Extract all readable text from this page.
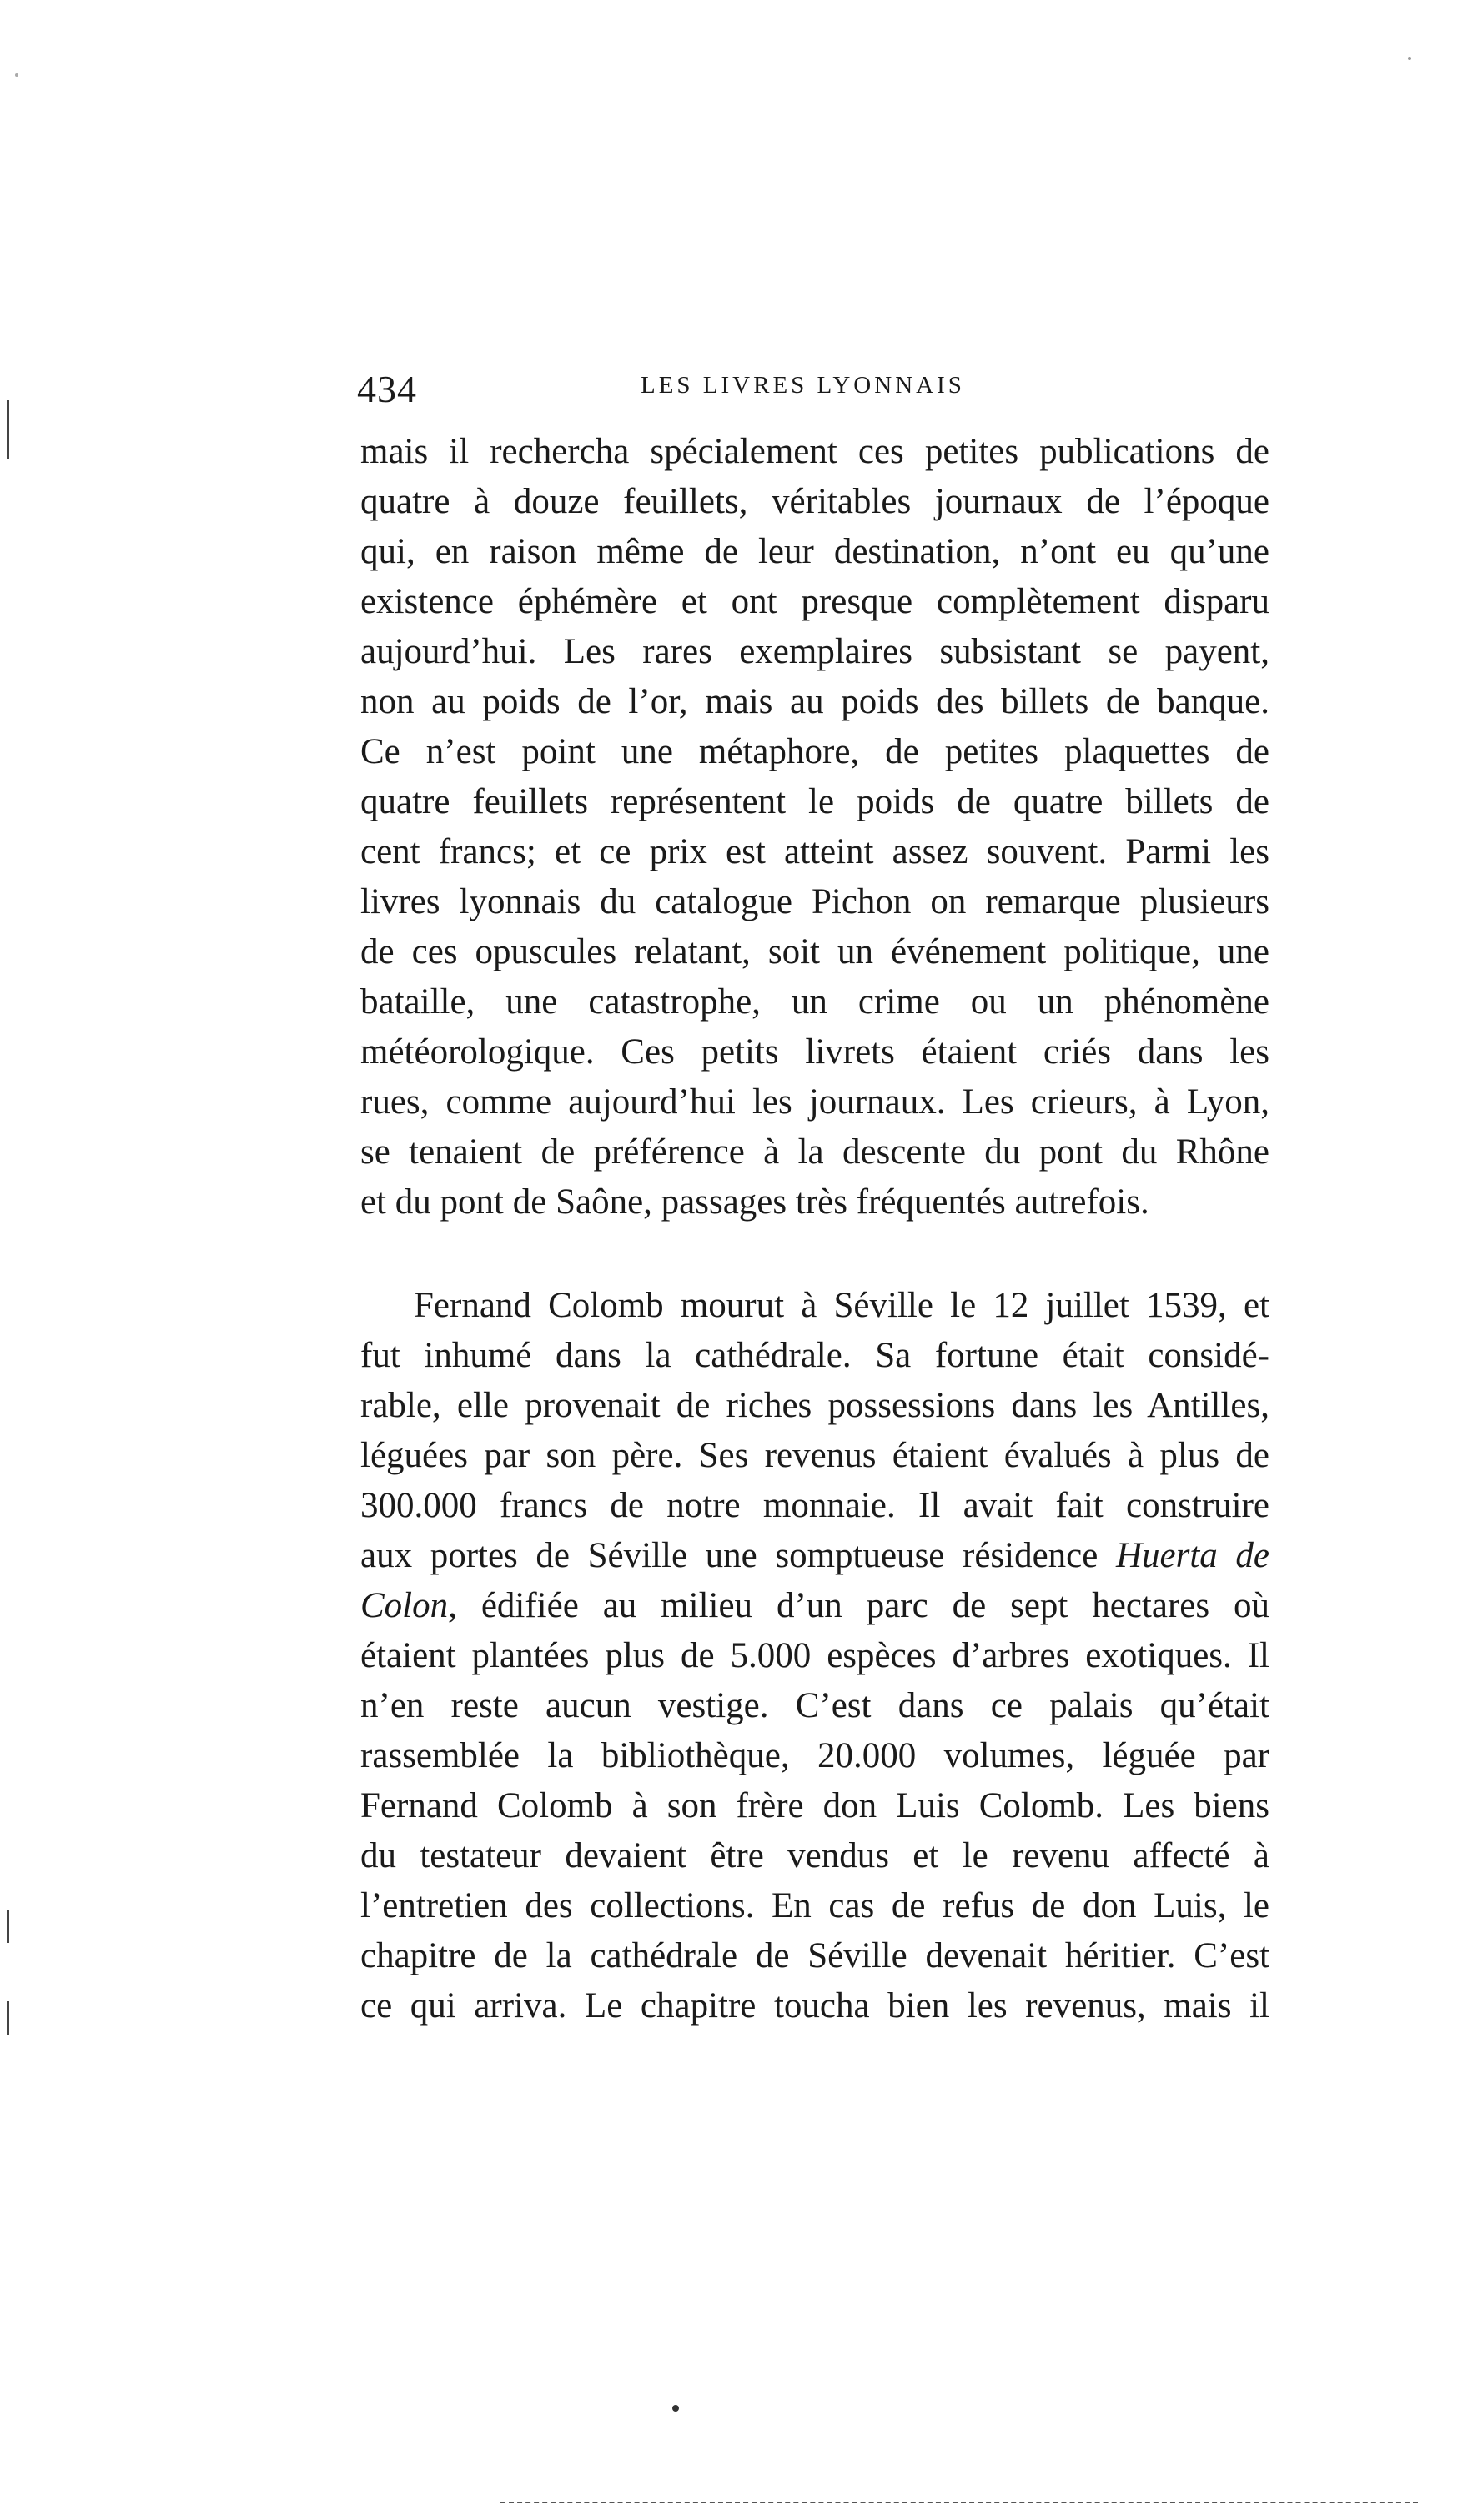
434	LES LIVRES LYONNAIS
mais il rechercha spécialement ces petites publications de
quatre à douze feuillets, véritables journaux de l’époque
qui, en raison même de leur destination, n’ont eu qu’une
existence éphémère et ont presque complètement disparu
aujourd’hui. Les rares exemplaires subsistant se payent,
non au poids de l’or, mais au poids des billets de banque.
Ce n’est point une métaphore, de petites plaquettes de
quatre feuillets représentent le poids de quatre billets de
cent francs; et ce prix est atteint assez souvent. Parmi les
livres lyonnais du catalogue Pichon on remarque plusieurs
de ces opuscules relatant, soit un événement politique, une
bataille, une catastrophe, un crime ou un phénomène
météorologique. Ces petits livrets étaient criés dans les
rues, comme aujourd’hui les journaux. Les crieurs, à Lyon,
se tenaient de préférence à la descente du pont du Rhône
et du pont de Saône, passages très fréquentés autrefois.
Fernand Colomb mourut à Séville le 12 juillet 1539, et
fut inhumé dans la cathédrale. Sa fortune était considé-
rable, elle provenait de riches possessions dans les Antilles,
léguées par son père. Ses revenus étaient évalués à plus de
300.000 francs de notre monnaie. Il avait fait construire
aux portes de Séville une somptueuse résidence Huerta de
Colon, édifiée au milieu d’un parc de sept hectares où
étaient plantées plus de 5.000 espèces d’arbres exotiques. Il
n’en reste aucun vestige. C’est dans ce palais qu’était
rassemblée la bibliothèque, 20.000 volumes, léguée par
Fernand Colomb à son frère don Luis Colomb. Les biens
du testateur devaient être vendus et le revenu affecté à
l’entretien des collections. En cas de refus de don Luis, le
chapitre de la cathédrale de Séville devenait héritier. C’est
ce qui arriva. Le chapitre toucha bien les revenus, mais il
